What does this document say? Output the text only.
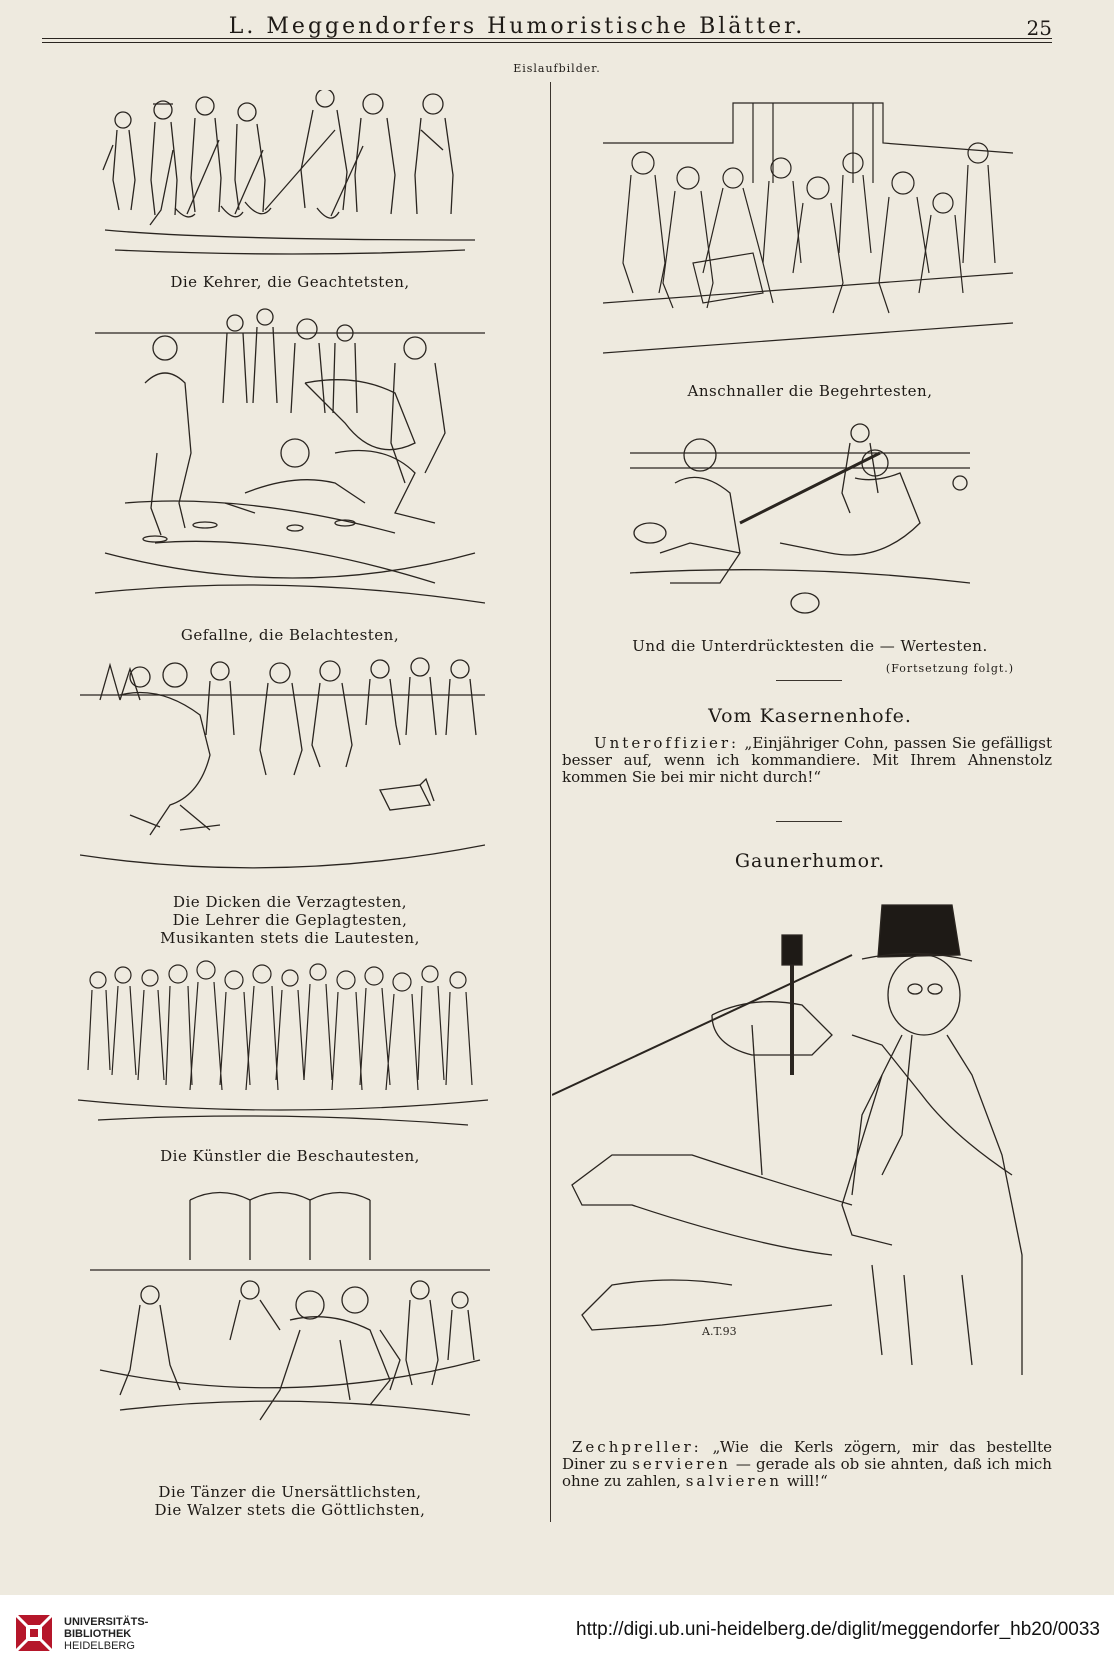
L. Meggendorfers Humoristische Blätter.	25
Eislaufbilder.
Die Kehrer, die Geachtetsten,
Gefallne, die Belachtesten,
Die Dicken die Verzagtesten,
Die Lehrer die Geplagtesten,
Musikanten stets die Lautesten,
Die Künstler die Beschautesten,
Die Tänzer die Unersättlichsten,
Die Walzer stets die Göttlichsten,
Anschnaller die Begehrtesten,
Und die Unterdrücktesten die — Wertesten.
(Fortsetzung folgt.)
Vom Kasernenhofe.
Unteroffizier: „Einjähriger Cohn, passen Sie gefälligst besser auf, wenn ich kommandiere. Mit Ihrem Ahnenstolz kommen Sie bei mir nicht durch!“
Gaunerhumor.
A.T.93
Zechpreller: „Wie die Kerls zögern, mir das bestellte Diner zu servieren — gerade als ob sie ahnten, daß ich mich ohne zu zahlen, salvieren will!“
UNIVERSITÄTS-
BIBLIOTHEK
HEIDELBERG
http://digi.ub.uni-heidelberg.de/diglit/meggendorfer_hb20/0033
